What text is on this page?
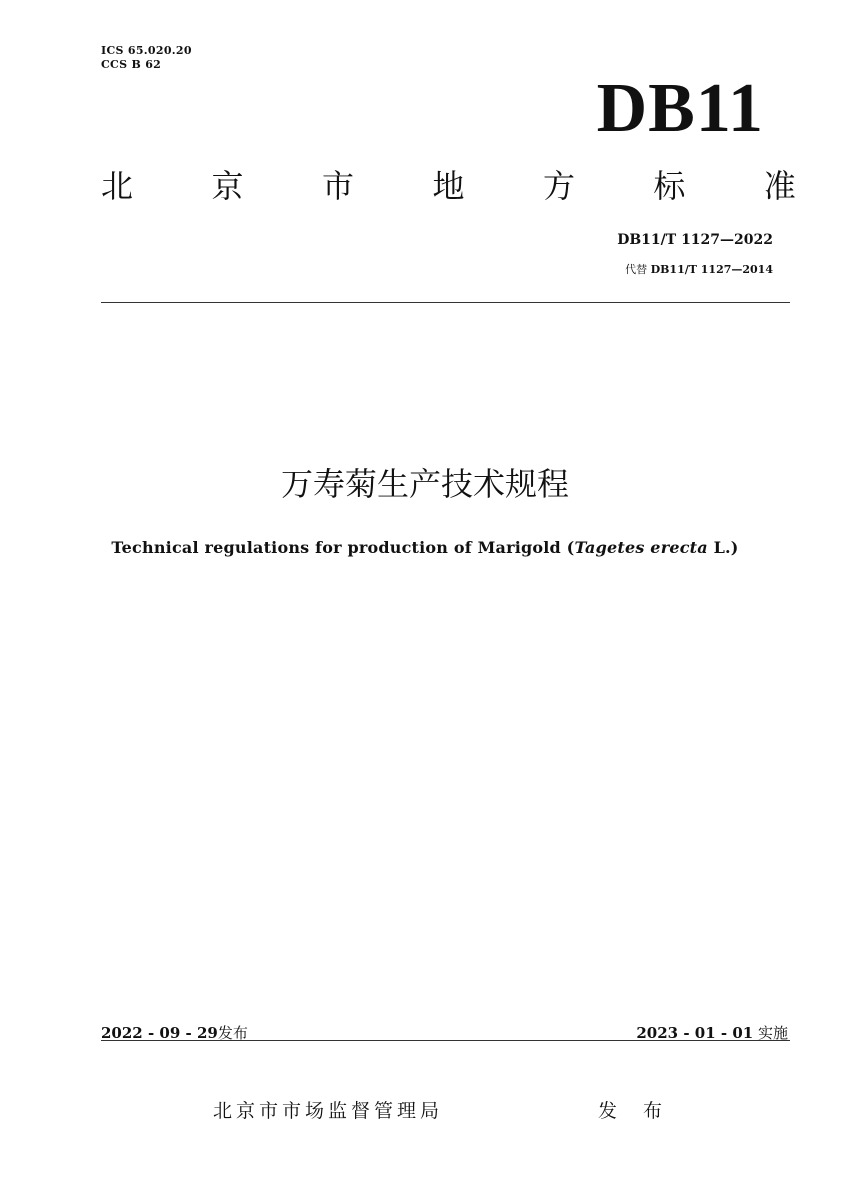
ICS 65.020.20
CCS B 62
DB11
北 京 市 地 方 标 准
DB11/T 1127—2022
代替 DB11/T 1127—2014
万寿菊生产技术规程
Technical regulations for production of Marigold (Tagetes erecta L.)
2022 - 09 - 29发布	2023 - 01 - 01 实施
北京市市场监督管理局	发 布
